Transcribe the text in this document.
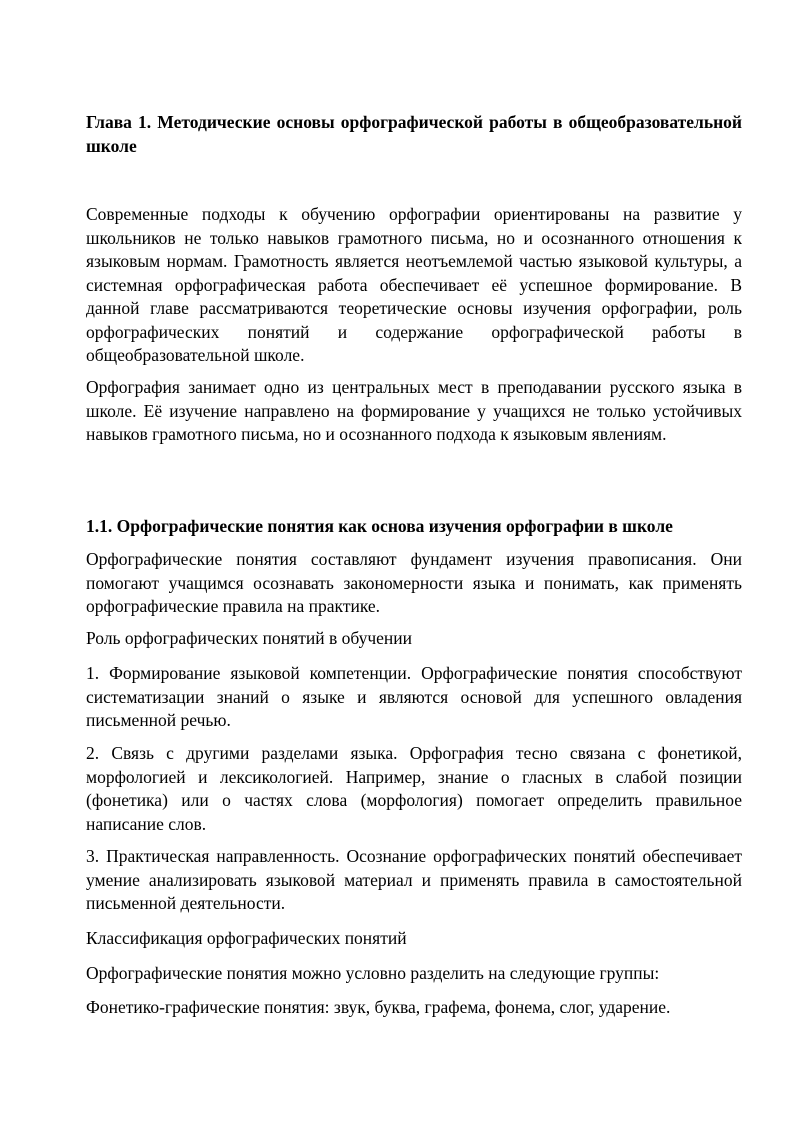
Глава 1. Методические основы орфографической работы в общеобразовательной школе

Современные подходы к обучению орфографии ориентированы на развитие у школьников не только навыков грамотного письма, но и осознанного отношения к языковым нормам. Грамотность является неотъемлемой частью языковой культуры, а системная орфографическая работа обеспечивает её успешное формирование. В данной главе рассматриваются теоретические основы изучения орфографии, роль орфографических понятий и содержание орфографической работы в общеобразовательной школе.

Орфография занимает одно из центральных мест в преподавании русского языка в школе. Её изучение направлено на формирование у учащихся не только устойчивых навыков грамотного письма, но и осознанного подхода к языковым явлениям.

1.1. Орфографические понятия как основа изучения орфографии в школе

Орфографические понятия составляют фундамент изучения правописания. Они помогают учащимся осознавать закономерности языка и понимать, как применять орфографические правила на практике.

Роль орфографических понятий в обучении

1. Формирование языковой компетенции. Орфографические понятия способствуют систематизации знаний о языке и являются основой для успешного овладения письменной речью.

2. Связь с другими разделами языка. Орфография тесно связана с фонетикой, морфологией и лексикологией. Например, знание о гласных в слабой позиции (фонетика) или о частях слова (морфология) помогает определить правильное написание слов.

3. Практическая направленность. Осознание орфографических понятий обеспечивает умение анализировать языковой материал и применять правила в самостоятельной письменной деятельности.

Классификация орфографических понятий

Орфографические понятия можно условно разделить на следующие группы:

Фонетико-графические понятия: звук, буква, графема, фонема, слог, ударение.
